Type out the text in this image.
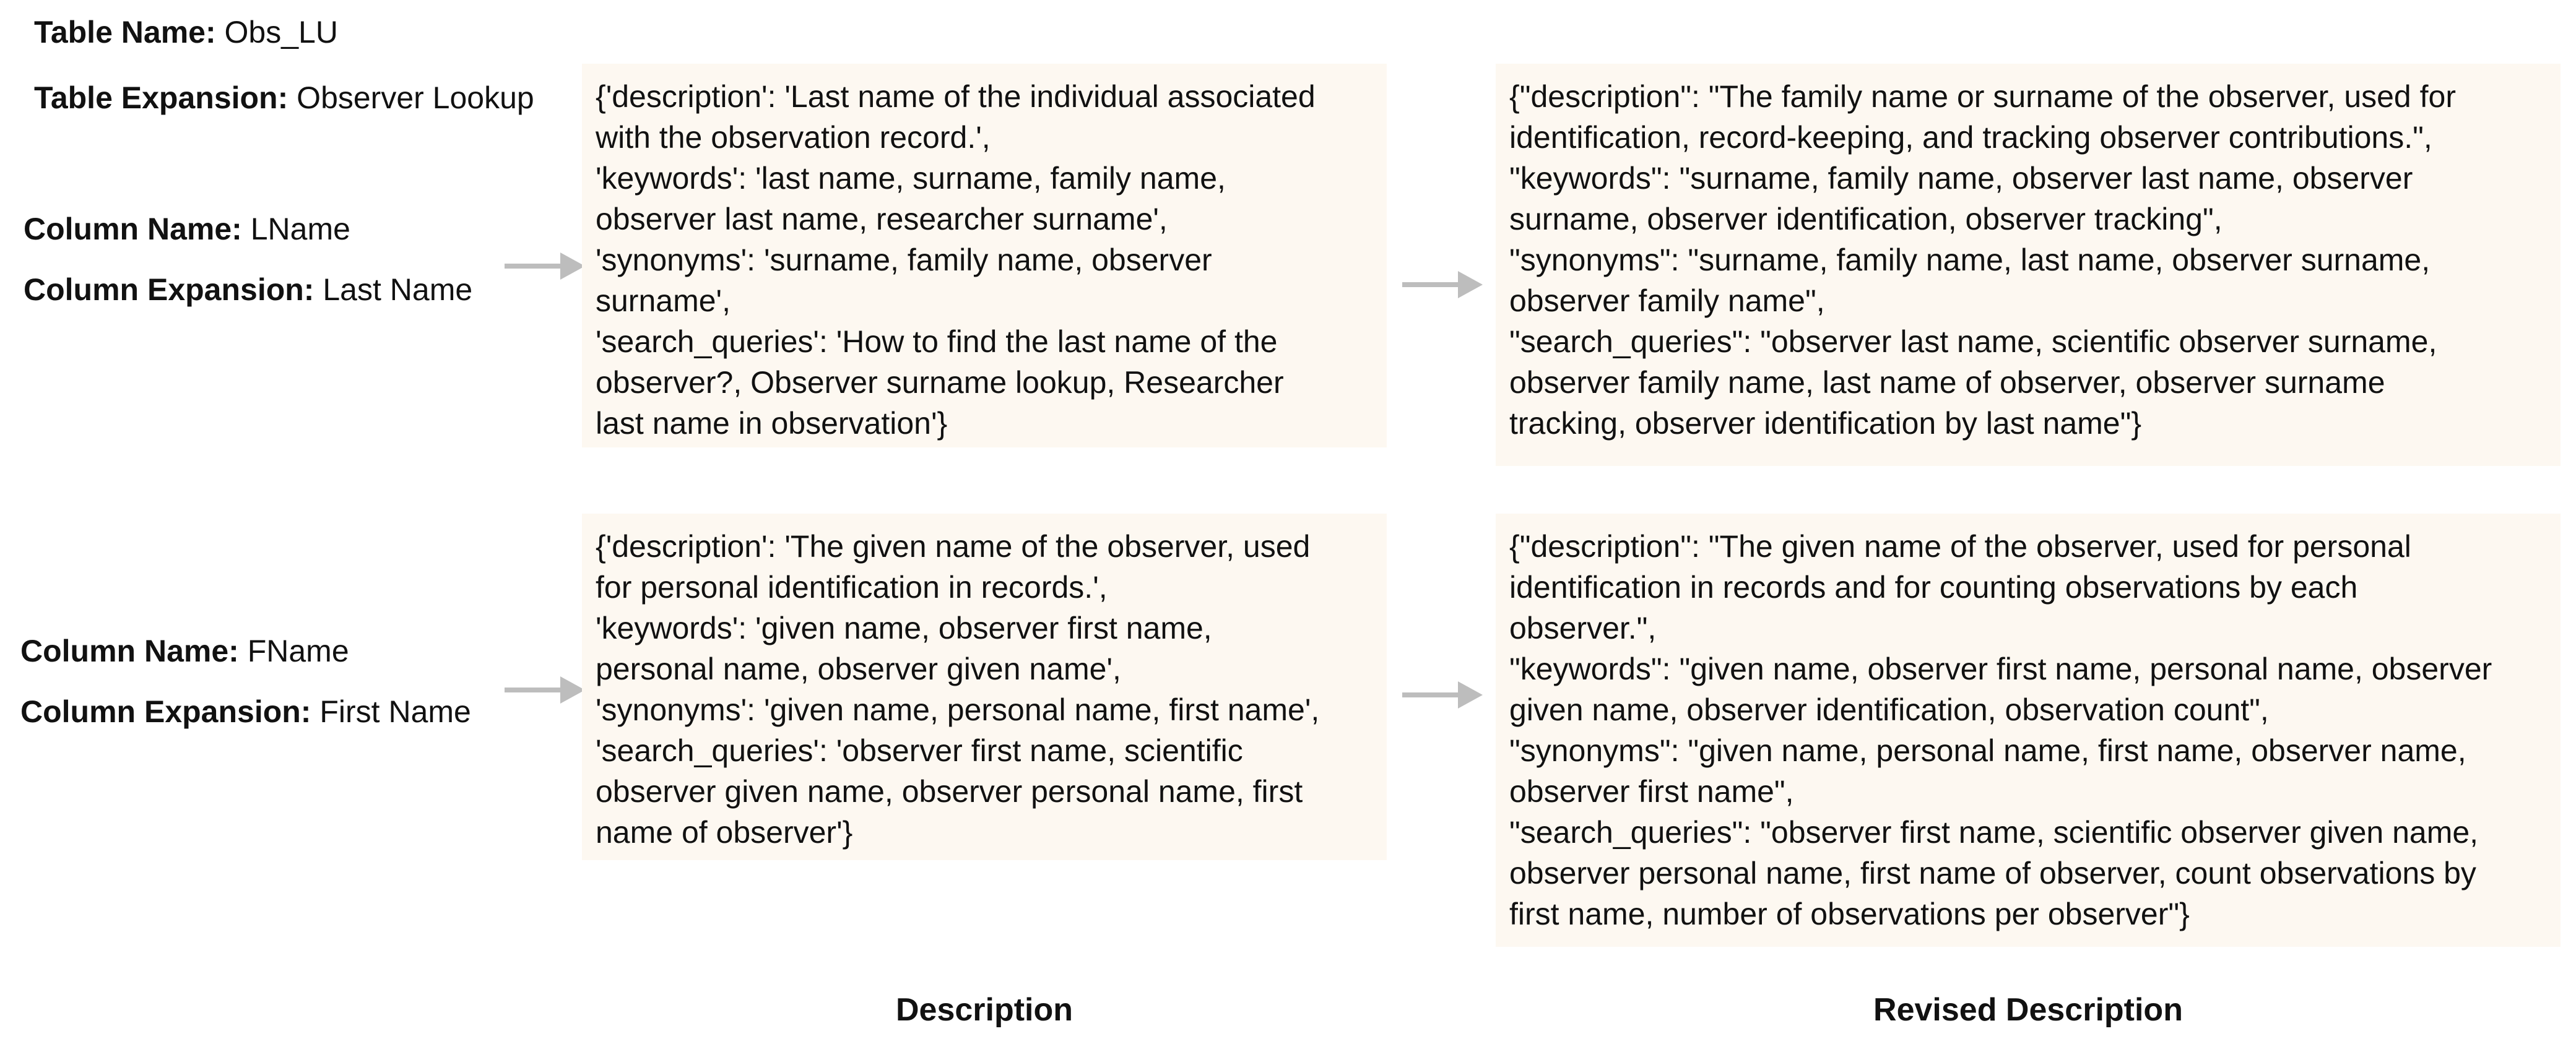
Table Name: Obs_LU
Table Expansion: Observer Lookup
Column Name: LName
Column Expansion: Last Name
{'description': 'Last name of the individual associated
with the observation record.',
'keywords': 'last name, surname, family name,
observer last name, researcher surname',
'synonyms': 'surname, family name, observer
surname',
'search_queries': 'How to find the last name of the
observer?, Observer surname lookup, Researcher
last name in observation'}
{"description": "The family name or surname of the observer, used for
identification, record-keeping, and tracking observer contributions.",
"keywords": "surname, family name, observer last name, observer
surname, observer identification, observer tracking",
"synonyms": "surname, family name, last name, observer surname,
observer family name",
"search_queries": "observer last name, scientific observer surname,
observer family name, last name of observer, observer surname
tracking, observer identification by last name"}
Column Name: FName
Column Expansion: First Name
{'description': 'The given name of the observer, used
for personal identification in records.',
'keywords': 'given name, observer first name,
personal name, observer given name',
'synonyms': 'given name, personal name, first name',
'search_queries': 'observer first name, scientific
observer given name, observer personal name, first
name of observer'}
{"description": "The given name of the observer, used for personal
identification in records and for counting observations by each
observer.",
"keywords": "given name, observer first name, personal name, observer
given name, observer identification, observation count",
"synonyms": "given name, personal name, first name, observer name,
observer first name",
"search_queries": "observer first name, scientific observer given name,
observer personal name, first name of observer, count observations by
first name, number of observations per observer"}
Description	Revised Description
